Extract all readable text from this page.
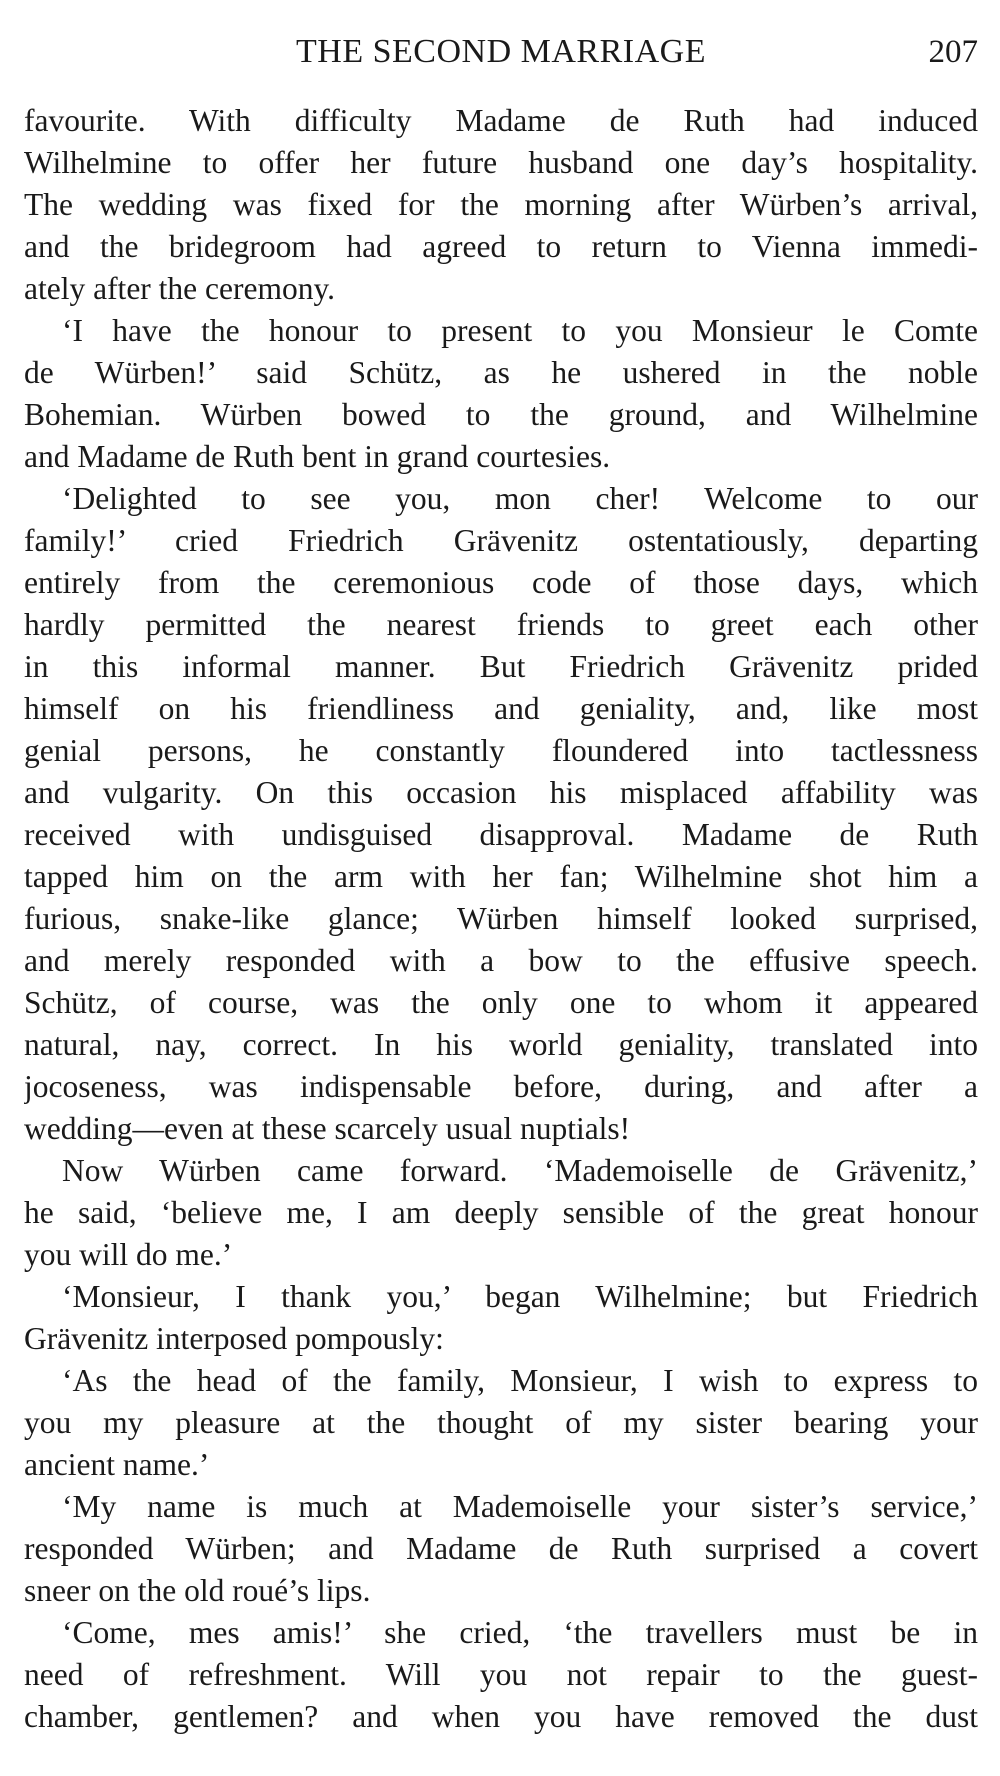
THE SECOND MARRIAGE	207
favourite. With difficulty Madame de Ruth had induced
Wilhelmine to offer her future husband one day’s hospitality.
The wedding was fixed for the morning after Würben’s arrival,
and the bridegroom had agreed to return to Vienna immedi-
ately after the ceremony.
‘I have the honour to present to you Monsieur le Comte
de Würben!’ said Schütz, as he ushered in the noble
Bohemian. Würben bowed to the ground, and Wilhelmine
and Madame de Ruth bent in grand courtesies.
‘Delighted to see you, mon cher! Welcome to our
family!’ cried Friedrich Grävenitz ostentatiously, departing
entirely from the ceremonious code of those days, which
hardly permitted the nearest friends to greet each other
in this informal manner. But Friedrich Grävenitz prided
himself on his friendliness and geniality, and, like most
genial persons, he constantly floundered into tactlessness
and vulgarity. On this occasion his misplaced affability was
received with undisguised disapproval. Madame de Ruth
tapped him on the arm with her fan; Wilhelmine shot him a
furious, snake-like glance; Würben himself looked surprised,
and merely responded with a bow to the effusive speech.
Schütz, of course, was the only one to whom it appeared
natural, nay, correct. In his world geniality, translated into
jocoseness, was indispensable before, during, and after a
wedding—even at these scarcely usual nuptials!
Now Würben came forward. ‘Mademoiselle de Grävenitz,’
he said, ‘believe me, I am deeply sensible of the great honour
you will do me.’
‘Monsieur, I thank you,’ began Wilhelmine; but Friedrich
Grävenitz interposed pompously:
‘As the head of the family, Monsieur, I wish to express to
you my pleasure at the thought of my sister bearing your
ancient name.’
‘My name is much at Mademoiselle your sister’s service,’
responded Würben; and Madame de Ruth surprised a covert
sneer on the old roué’s lips.
‘Come, mes amis!’ she cried, ‘the travellers must be in
need of refreshment. Will you not repair to the guest-
chamber, gentlemen? and when you have removed the dust
